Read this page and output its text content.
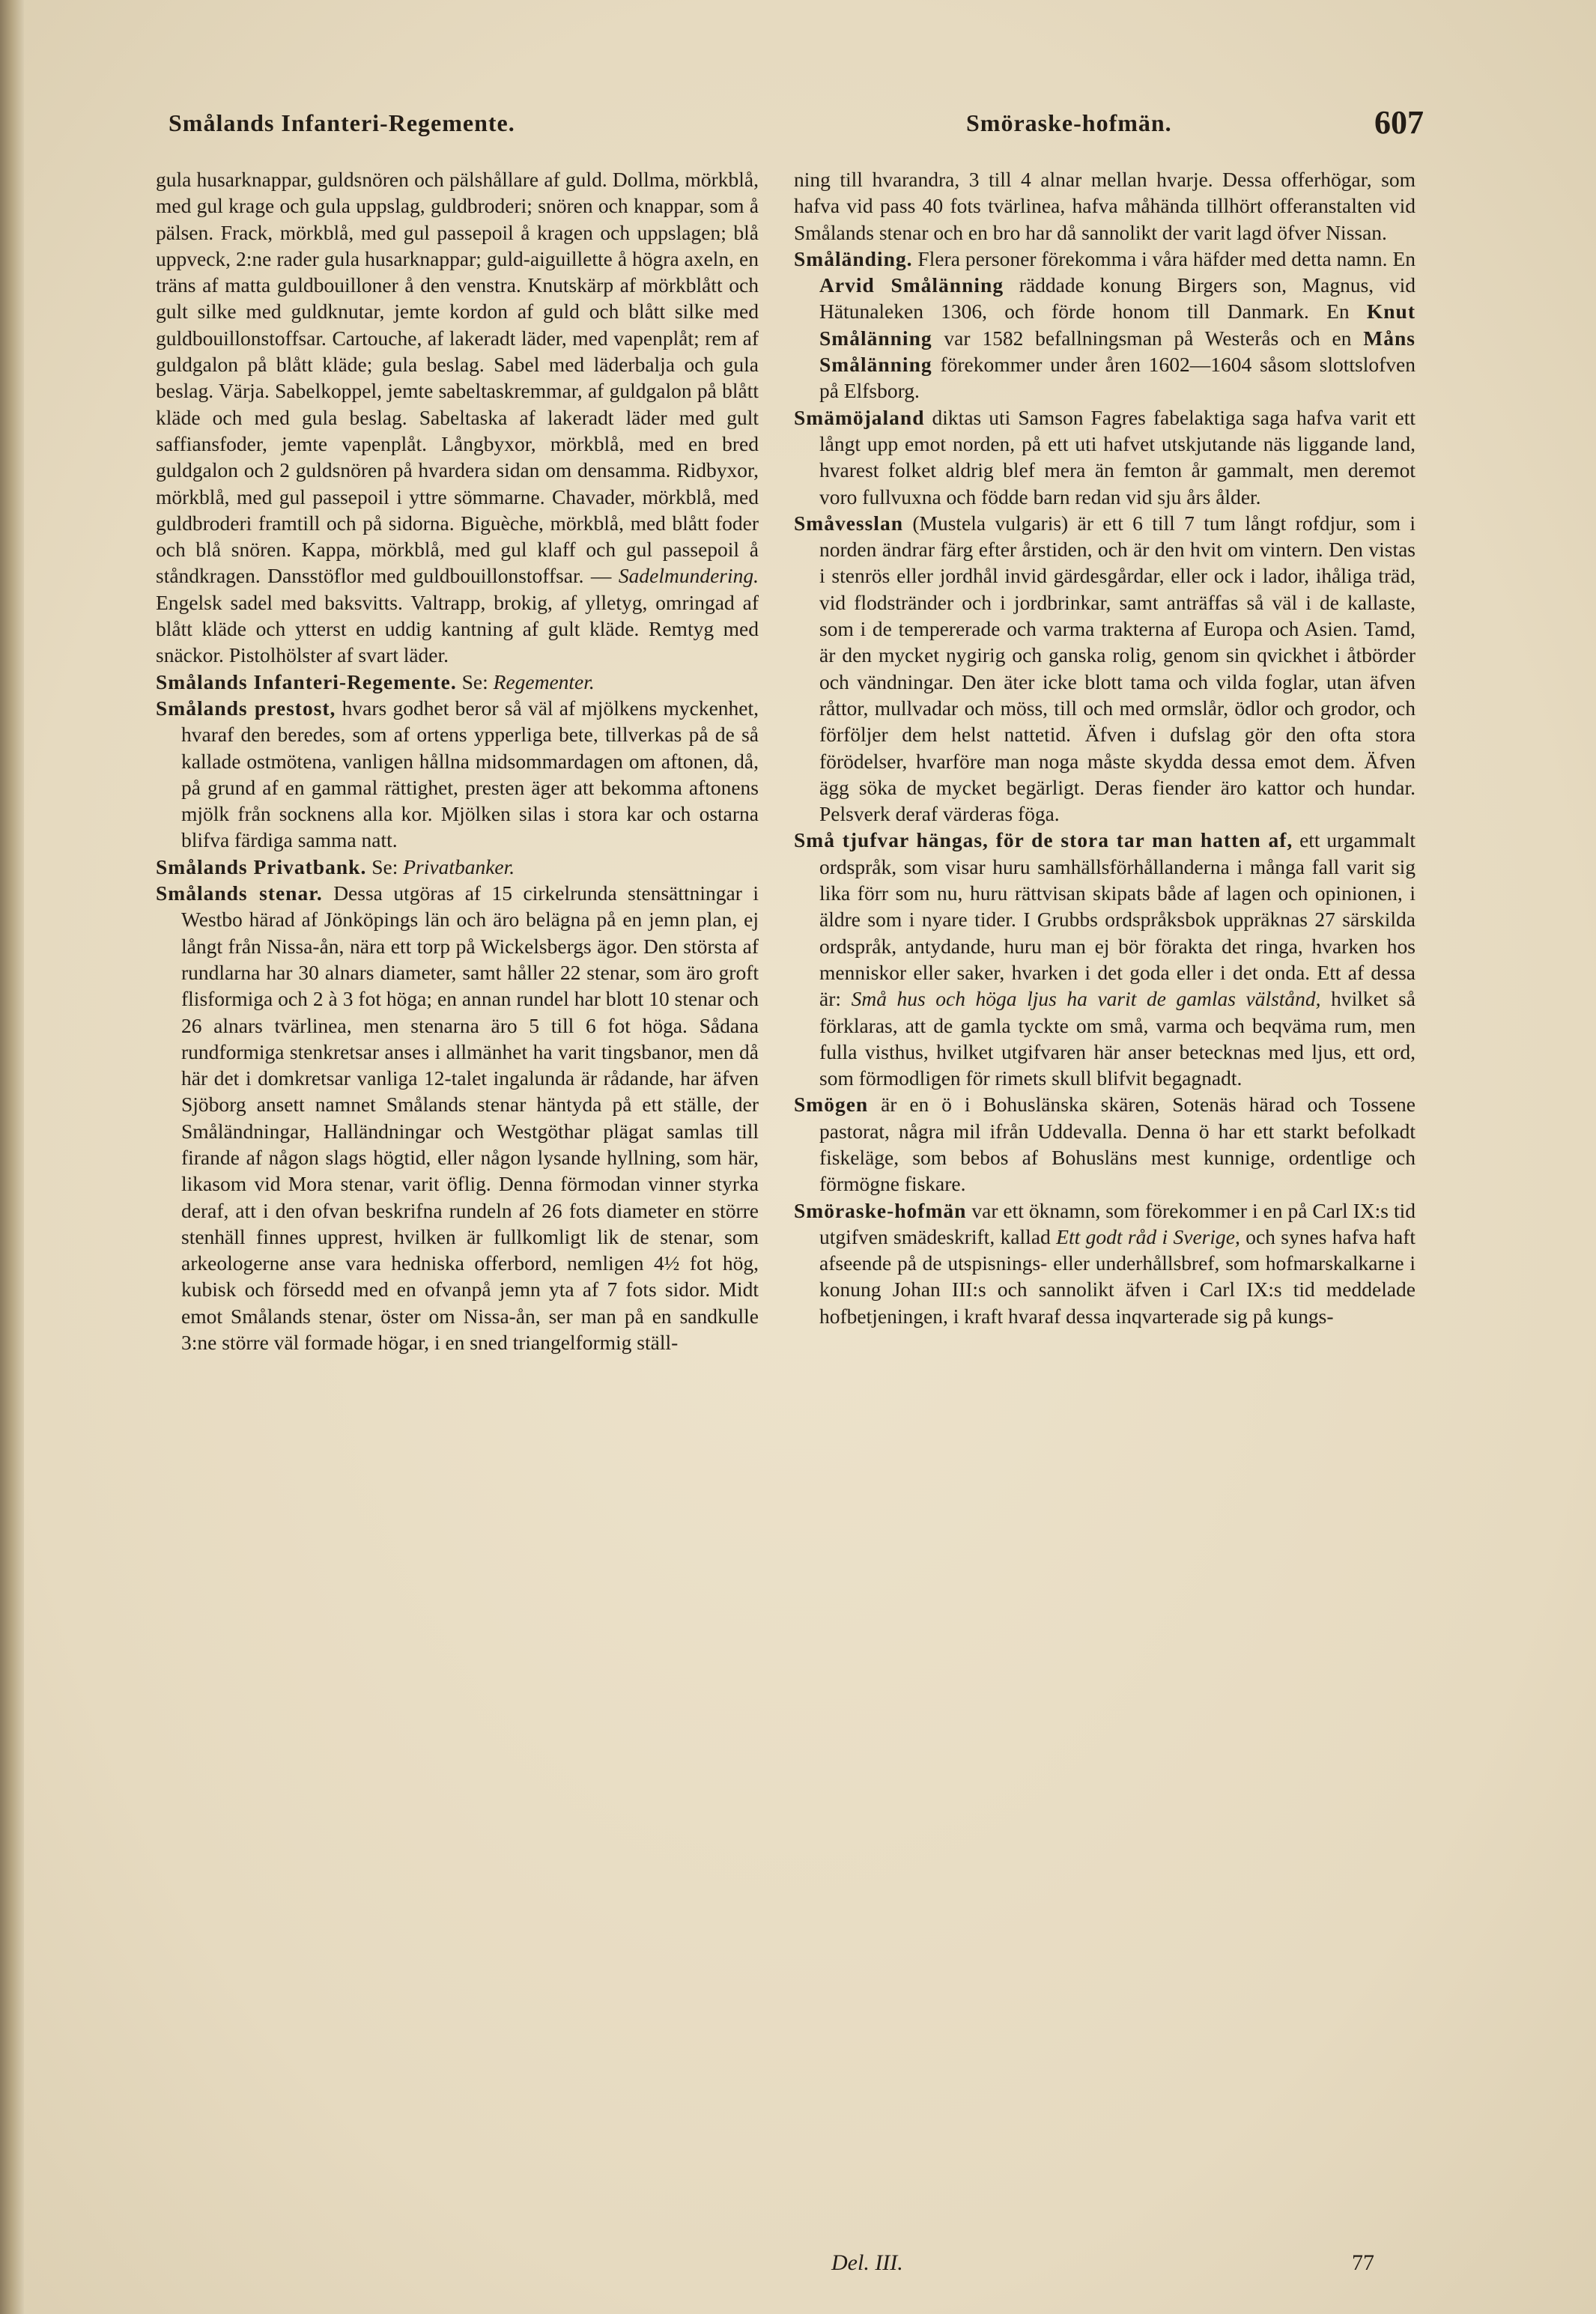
Smålands Infanteri-Regemente.	Smöraske-hofmän.	607

gula husarknappar, guldsnören och pälshållare af guld. Dollma, mörkblå, med gul krage och gula uppslag, guldbroderi; snören och knappar, som å pälsen. Frack, mörkblå, med gul passepoil å kragen och uppslagen; blå uppveck, 2:ne rader gula husarknappar; guld-aiguillette å högra axeln, en träns af matta guldbouilloner å den venstra. Knutskärp af mörkblått och gult silke med guldknutar, jemte kordon af guld och blått silke med guldbouillonstoffsar. Cartouche, af lakeradt läder, med vapenplåt; rem af guldgalon på blått kläde; gula beslag. Sabel med läderbalja och gula beslag. Värja. Sabelkoppel, jemte sabeltaskremmar, af guldgalon på blått kläde och med gula beslag. Sabeltaska af lakeradt läder med gult saffiansfoder, jemte vapenplåt. Långbyxor, mörkblå, med en bred guldgalon och 2 guldsnören på hvardera sidan om densamma. Ridbyxor, mörkblå, med gul passepoil i yttre sömmarne. Chavader, mörkblå, med guldbroderi framtill och på sidorna. Biguèche, mörkblå, med blått foder och blå snören. Kappa, mörkblå, med gul klaff och gul passepoil å ståndkragen. Dansstöflor med guldbouillonstoffsar. — Sadelmundering. Engelsk sadel med baksvitts. Valtrapp, brokig, af ylletyg, omringad af blått kläde och ytterst en uddig kantning af gult kläde. Remtyg med snäckor. Pistolhölster af svart läder.

Smålands Infanteri-Regemente. Se: Regementer.

Smålands prestost, hvars godhet beror så väl af mjölkens myckenhet, hvaraf den beredes, som af ortens ypperliga bete, tillverkas på de så kallade ostmötena, vanligen hållna midsommardagen om aftonen, då, på grund af en gammal rättighet, presten äger att bekomma aftonens mjölk från socknens alla kor. Mjölken silas i stora kar och ostarna blifva färdiga samma natt.

Smålands Privatbank. Se: Privatbanker.

Smålands stenar. Dessa utgöras af 15 cirkelrunda stensättningar i Westbo härad af Jönköpings län och äro belägna på en jemn plan, ej långt från Nissa-ån, nära ett torp på Wickelsbergs ägor. Den största af rundlarna har 30 alnars diameter, samt håller 22 stenar, som äro groft flisformiga och 2 à 3 fot höga; en annan rundel har blott 10 stenar och 26 alnars tvärlinea, men stenarna äro 5 till 6 fot höga. Sådana rundformiga stenkretsar anses i allmänhet ha varit tingsbanor, men då här det i domkretsar vanliga 12-talet ingalunda är rådande, har äfven Sjöborg ansett namnet Smålands stenar häntyda på ett ställe, der Småländningar, Halländningar och Westgöthar plägat samlas till firande af någon slags högtid, eller någon lysande hyllning, som här, likasom vid Mora stenar, varit öflig. Denna förmodan vinner styrka deraf, att i den ofvan beskrifna rundeln af 26 fots diameter en större stenhäll finnes upprest, hvilken är fullkomligt lik de stenar, som arkeologerne anse vara hedniska offerbord, nemligen 4½ fot hög, kubisk och försedd med en ofvanpå jemn yta af 7 fots sidor. Midt emot Smålands stenar, öster om Nissa-ån, ser man på en sandkulle 3:ne större väl formade högar, i en sned triangelformig ställ-

ning till hvarandra, 3 till 4 alnar mellan hvarje. Dessa offerhögar, som hafva vid pass 40 fots tvärlinea, hafva måhända tillhört offeranstalten vid Smålands stenar och en bro har då sannolikt der varit lagd öfver Nissan.

Småländing. Flera personer förekomma i våra häfder med detta namn. En Arvid Smålänning räddade konung Birgers son, Magnus, vid Hätunaleken 1306, och förde honom till Danmark. En Knut Smålänning var 1582 befallningsman på Westerås och en Måns Smålänning förekommer under åren 1602—1604 såsom slottslofven på Elfsborg.

Smämöjaland diktas uti Samson Fagres fabelaktiga saga hafva varit ett långt upp emot norden, på ett uti hafvet utskjutande näs liggande land, hvarest folket aldrig blef mera än femton år gammalt, men deremot voro fullvuxna och födde barn redan vid sju års ålder.

Småvesslan (Mustela vulgaris) är ett 6 till 7 tum långt rofdjur, som i norden ändrar färg efter årstiden, och är den hvit om vintern. Den vistas i stenrös eller jordhål invid gärdesgårdar, eller ock i lador, ihåliga träd, vid flodstränder och i jordbrinkar, samt anträffas så väl i de kallaste, som i de tempererade och varma trakterna af Europa och Asien. Tamd, är den mycket nygirig och ganska rolig, genom sin qvickhet i åtbörder och vändningar. Den äter icke blott tama och vilda foglar, utan äfven råttor, mullvadar och möss, till och med ormslår, ödlor och grodor, och förföljer dem helst nattetid. Äfven i dufslag gör den ofta stora förödelser, hvarföre man noga måste skydda dessa emot dem. Äfven ägg söka de mycket begärligt. Deras fiender äro kattor och hundar. Pelsverk deraf värderas föga.

Små tjufvar hängas, för de stora tar man hatten af, ett urgammalt ordspråk, som visar huru samhällsförhållanderna i många fall varit sig lika förr som nu, huru rättvisan skipats både af lagen och opinionen, i äldre som i nyare tider. I Grubbs ordspråksbok uppräknas 27 särskilda ordspråk, antydande, huru man ej bör förakta det ringa, hvarken hos menniskor eller saker, hvarken i det goda eller i det onda. Ett af dessa är: Små hus och höga ljus ha varit de gamlas välstånd, hvilket så förklaras, att de gamla tyckte om små, varma och beqväma rum, men fulla visthus, hvilket utgifvaren här anser betecknas med ljus, ett ord, som förmodligen för rimets skull blifvit begagnadt.

Smögen är en ö i Bohuslänska skären, Sotenäs härad och Tossene pastorat, några mil ifrån Uddevalla. Denna ö har ett starkt befolkadt fiskeläge, som bebos af Bohusläns mest kunnige, ordentlige och förmögne fiskare.

Smöraske-hofmän var ett öknamn, som förekommer i en på Carl IX:s tid utgifven smädeskrift, kallad Ett godt råd i Sverige, och synes hafva haft afseende på de utspisnings- eller underhållsbref, som hofmarskalkarne i konung Johan III:s och sannolikt äfven i Carl IX:s tid meddelade hofbetjeningen, i kraft hvaraf dessa inqvarterade sig på kungs-

Del. III.	77
